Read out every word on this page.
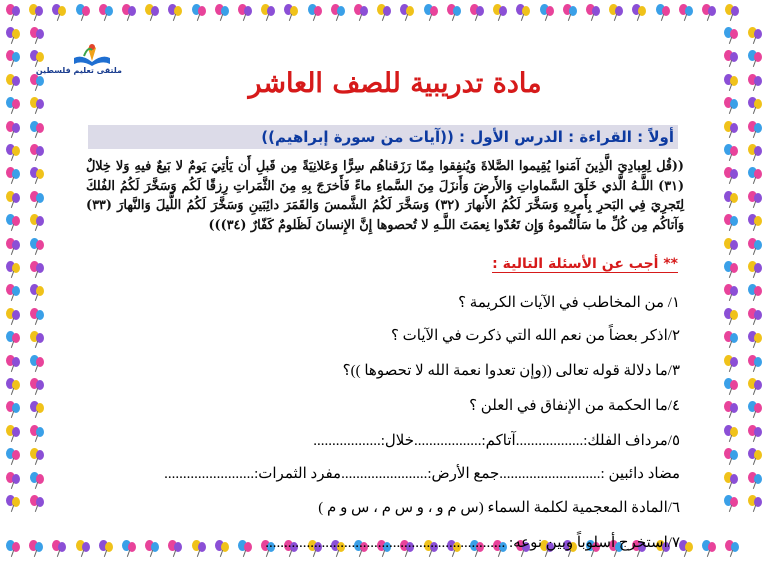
ملتقى تعليم فلسطين	مادة تدريبية للصف العاشر
أولاً : القراءة : الدرس الأول : ((آيات من سورة إبراهيم))
((قُل لِعِبادِيَ الَّذِينَ آمَنوا يُقِيموا الصَّلاةَ وَيُنفِقوا مِمّا رَزَقناهُم سِرًّا وَعَلانِيَةً مِن قَبلِ أَن يَأتِيَ يَومٌ لا بَيعٌ فيهِ وَلا خِلالٌ (٣١) اللَّـهُ الَّذي خَلَقَ السَّماواتِ وَالأَرضَ وَأَنزَلَ مِنَ السَّماءِ ماءً فَأَخرَجَ بِهِ مِنَ الثَّمَراتِ رِزقًا لَكُم وَسَخَّرَ لَكُمُ الفُلكَ لِتَجرِيَ فِي البَحرِ بِأَمرِهِ وَسَخَّرَ لَكُمُ الأَنهارَ (٣٢) وَسَخَّرَ لَكُمُ الشَّمسَ وَالقَمَرَ دائِبَينِ وَسَخَّرَ لَكُمُ اللَّيلَ وَالنَّهارَ (٣٣) وَآتاكُم مِن كُلِّ ما سَأَلتُموهُ وَإِن تَعُدّوا نِعمَتَ اللَّـهِ لا تُحصوها إِنَّ الإِنسانَ لَظَلومٌ كَفّارٌ (٣٤)))
** أجب عن الأسئلة التالية :
١/ من المخاطب في الآيات الكريمة ؟
٢/اذكر بعضاً من نعم الله التي ذكرت في الآيات ؟
٣/ما دلالة قوله تعالى ((وإن تعدوا نعمة الله لا تحصوها ))؟
٤/ما الحكمة من الإنفاق في العلن ؟
٥/مرداف الفلك:..................آتاكم:..................خلال:..................
مضاد دائبين :...........................جمع الأرض:.......................مفرد الثمرات:........................
٦/المادة المعجمية لكلمة السماء (س م و ، و س م ، س و م )
٧/استخرج أسلوباً وبين نوعه: ................................................................
